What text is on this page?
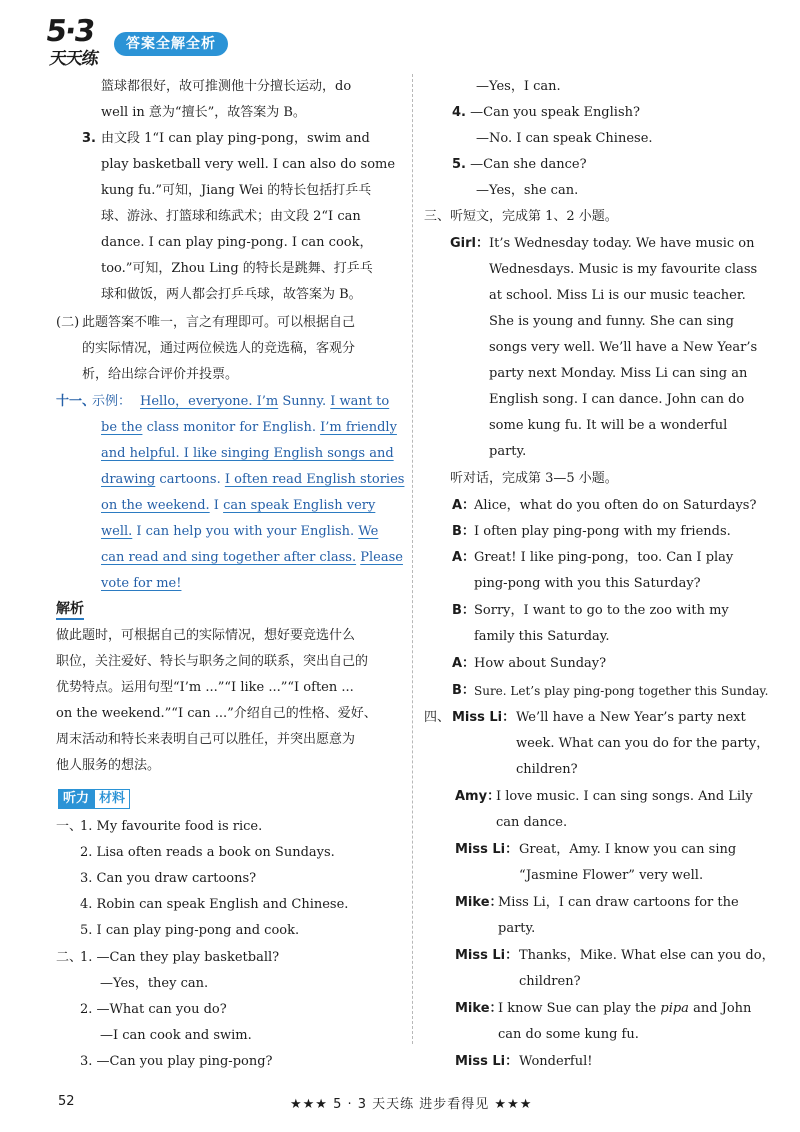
5·3
天天练
答案全解全析
篮球都很好，故可推测他十分擅长运动，do
well in 意为“擅长”，故答案为 B。
3. 由文段 1“I can play ping-pong，swim and
play basketball very well. I can also do some
kung fu.”可知，Jiang Wei 的特长包括打乒乓
球、游泳、打篮球和练武术；由文段 2“I can
dance. I can play ping-pong. I can cook，
too.”可知，Zhou Ling 的特长是跳舞、打乒乓
球和做饭，两人都会打乒乓球，故答案为 B。
(二) 此题答案不唯一，言之有理即可。可以根据自己
的实际情况，通过两位候选人的竞选稿，客观分
析，给出综合评价并投票。
十一、
示例： Hello，everyone. I’m Sunny. I want to
be the class monitor for English. I’m friendly
and helpful. I like singing English songs and
drawing cartoons. I often read English stories
on the weekend. I can speak English very
well. I can help you with your English. We
can read and sing together after class. Please
vote for me!
解析
做此题时，可根据自己的实际情况，想好要竞选什么
职位，关注爱好、特长与职务之间的联系，突出自己的
优势特点。运用句型“I’m ...”“I like ...”“I often ...
on the weekend.”“I can ...”介绍自己的性格、爱好、
周末活动和特长来表明自己可以胜任，并突出愿意为
他人服务的想法。
听力 材料
一、
1. My favourite food is rice.
2. Lisa often reads a book on Sundays.
3. Can you draw cartoons?
4. Robin can speak English and Chinese.
5. I can play ping-pong and cook.
二、
1. —Can they play basketball?
—Yes，they can.
2. —What can you do?
—I can cook and swim.
3. —Can you play ping-pong?
—Yes，I can.
4. —Can you speak English?
—No. I can speak Chinese.
5. —Can she dance?
—Yes，she can.
三、 听短文，完成第 1、2 小题。
Girl： It’s Wednesday today. We have music on
Wednesdays. Music is my favourite class
at school. Miss Li is our music teacher.
She is young and funny. She can sing
songs very well. We’ll have a New Year’s
party next Monday. Miss Li can sing an
English song. I can dance. John can do
some kung fu. It will be a wonderful
party.
听对话，完成第 3—5 小题。
A：
Alice，what do you often do on Saturdays?
B： I often play ping-pong with my friends.
A：
Great! I like ping-pong，too. Can I play
ping-pong with you this Saturday?
B： Sorry，I want to go to the zoo with my
family this Saturday.
A：
How about Sunday?
B： Sure. Let’s play ping-pong together this Sunday.
四、 Miss Li： We’ll have a New Year’s party next
week. What can you do for the party，
children?
Amy：
I love music. I can sing songs. And Lily
can dance.
Miss Li： Great，Amy. I know you can sing
“Jasmine Flower” very well.
Mike：
Miss Li，I can draw cartoons for the
party.
Miss Li： Thanks，Mike. What else can you do，
children?
Mike：
I know Sue can play the pipa and John
can do some kung fu.
Miss Li： Wonderful!
52	★★★ 5 · 3 天天练 进步看得见 ★★★
